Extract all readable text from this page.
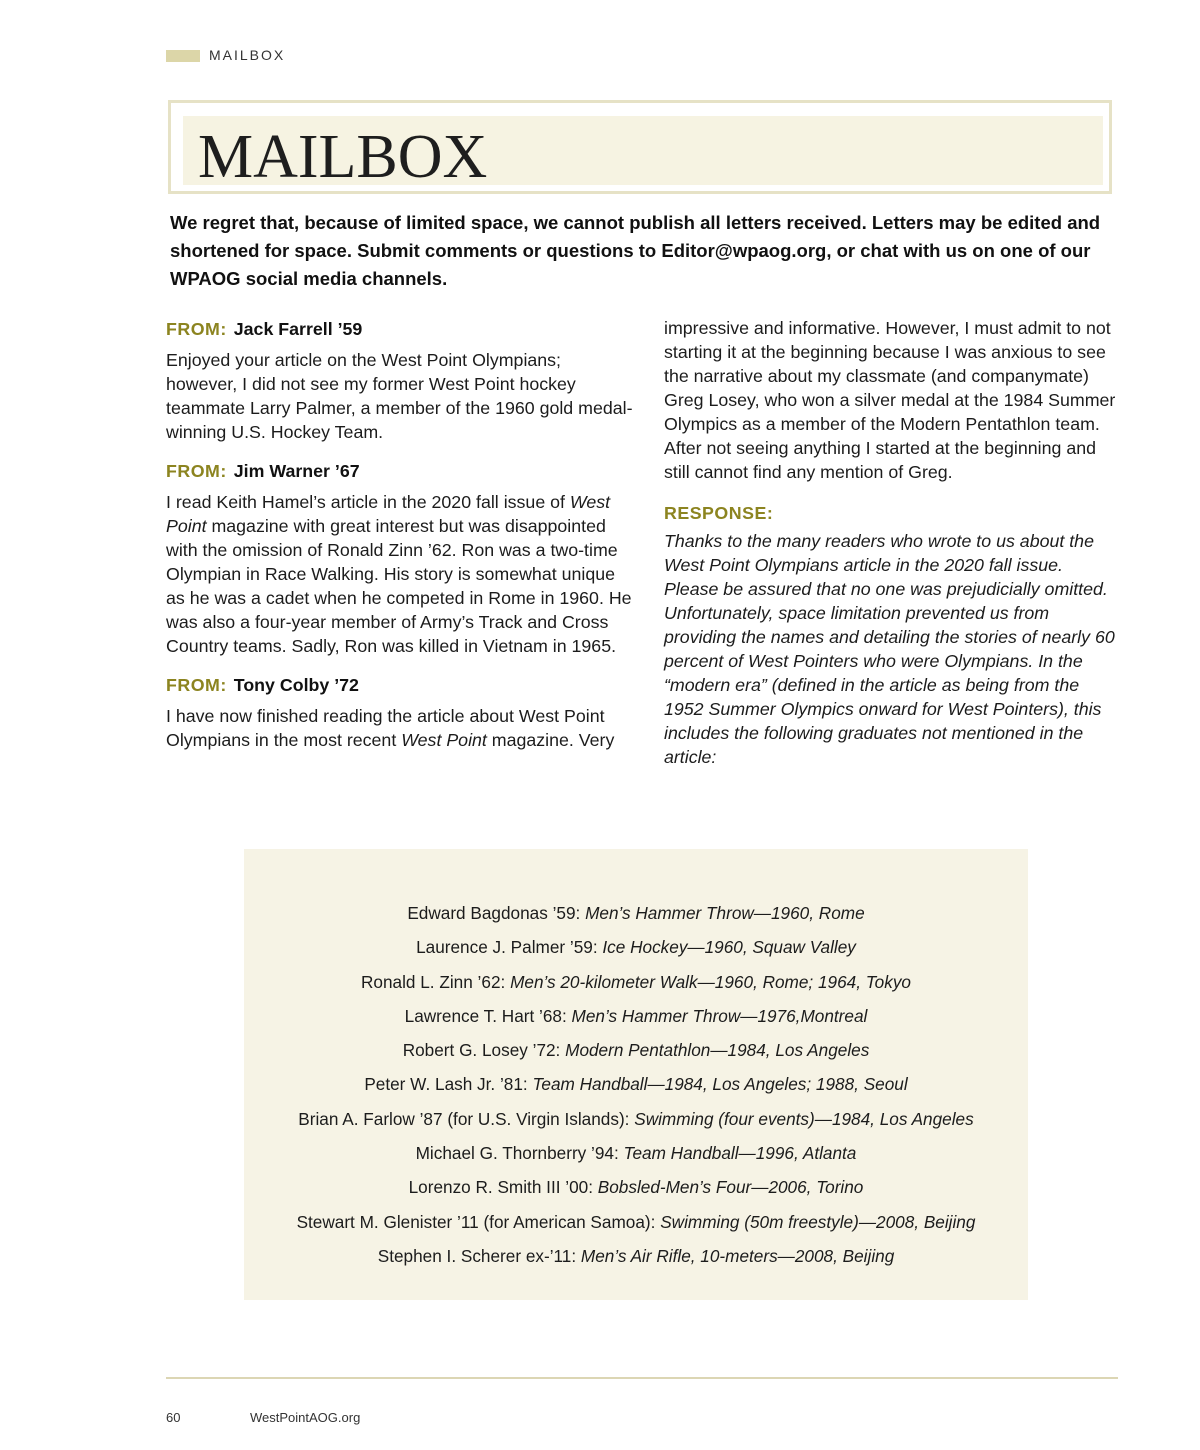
MAILBOX
MAILBOX

We regret that, because of limited space, we cannot publish all letters received. Letters may be edited and shortened for space. Submit comments or questions to Editor@wpaog.org, or chat with us on one of our WPAOG social media channels.

FROM: Jack Farrell ’59

Enjoyed your article on the West Point Olympians; however, I did not see my former West Point hockey teammate Larry Palmer, a member of the 1960 gold medal-winning U.S. Hockey Team.

FROM: Jim Warner ’67

I read Keith Hamel’s article in the 2020 fall issue of West Point magazine with great interest but was disappointed with the omission of Ronald Zinn ’62. Ron was a two-time Olympian in Race Walking. His story is somewhat unique as he was a cadet when he competed in Rome in 1960. He was also a four-year member of Army’s Track and Cross Country teams. Sadly, Ron was killed in Vietnam in 1965.

FROM: Tony Colby ’72

I have now finished reading the article about West Point Olympians in the most recent West Point magazine. Very

impressive and informative. However, I must admit to not starting it at the beginning because I was anxious to see the narrative about my classmate (and companymate) Greg Losey, who won a silver medal at the 1984 Summer Olympics as a member of the Modern Pentathlon team. After not seeing anything I started at the beginning and still cannot find any mention of Greg.

RESPONSE:

Thanks to the many readers who wrote to us about the West Point Olympians article in the 2020 fall issue. Please be assured that no one was prejudicially omitted. Unfortunately, space limitation prevented us from providing the names and detailing the stories of nearly 60 percent of West Pointers who were Olympians. In the “modern era” (defined in the article as being from the 1952 Summer Olympics onward for West Pointers), this includes the following graduates not mentioned in the article:

Edward Bagdonas ’59: Men’s Hammer Throw—1960, Rome
Laurence J. Palmer ’59: Ice Hockey—1960, Squaw Valley
Ronald L. Zinn ’62: Men’s 20-kilometer Walk—1960, Rome; 1964, Tokyo
Lawrence T. Hart ’68: Men’s Hammer Throw—1976,Montreal
Robert G. Losey ’72: Modern Pentathlon—1984, Los Angeles
Peter W. Lash Jr. ’81: Team Handball—1984, Los Angeles; 1988, Seoul
Brian A. Farlow ’87 (for U.S. Virgin Islands): Swimming (four events)—1984, Los Angeles
Michael G. Thornberry ’94: Team Handball—1996, Atlanta
Lorenzo R. Smith III ’00: Bobsled-Men’s Four—2006, Torino
Stewart M. Glenister ’11 (for American Samoa): Swimming (50m freestyle)—2008, Beijing
Stephen I. Scherer ex-’11: Men’s Air Rifle, 10-meters—2008, Beijing
60	WestPointAOG.org
